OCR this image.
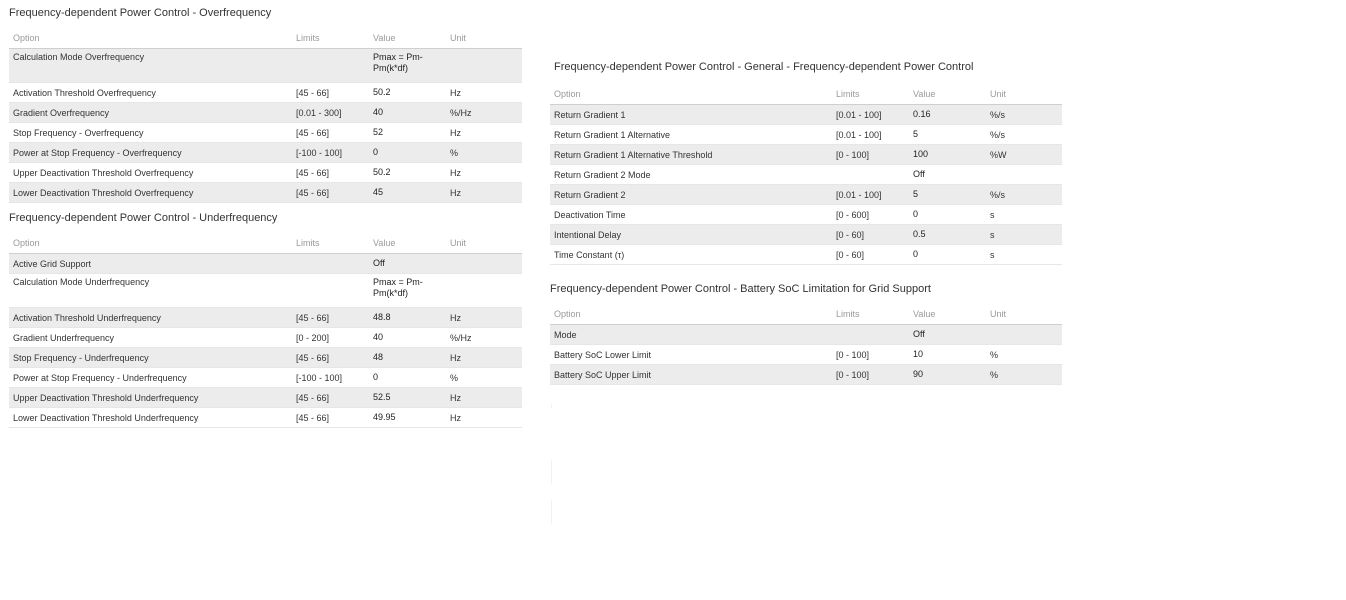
Frequency-dependent Power Control - Overfrequency
Option	Limits	Value	Unit
Calculation Mode Overfrequency		Pmax = Pm-Pm(k*df)	
Activation Threshold Overfrequency	[45 - 66]	50.2	Hz
Gradient Overfrequency	[0.01 - 300]	40	%/Hz
Stop Frequency - Overfrequency	[45 - 66]	52	Hz
Power at Stop Frequency - Overfrequency	[-100 - 100]	0	%
Upper Deactivation Threshold Overfrequency	[45 - 66]	50.2	Hz
Lower Deactivation Threshold Overfrequency	[45 - 66]	45	Hz
Frequency-dependent Power Control - Underfrequency
Option	Limits	Value	Unit
Active Grid Support		Off	
Calculation Mode Underfrequency		Pmax = Pm-Pm(k*df)	
Activation Threshold Underfrequency	[45 - 66]	48.8	Hz
Gradient Underfrequency	[0 - 200]	40	%/Hz
Stop Frequency - Underfrequency	[45 - 66]	48	Hz
Power at Stop Frequency - Underfrequency	[-100 - 100]	0	%
Upper Deactivation Threshold Underfrequency	[45 - 66]	52.5	Hz
Lower Deactivation Threshold Underfrequency	[45 - 66]	49.95	Hz
Frequency-dependent Power Control - General - Frequency-dependent Power Control
Option	Limits	Value	Unit
Return Gradient 1	[0.01 - 100]	0.16	%/s
Return Gradient 1 Alternative	[0.01 - 100]	5	%/s
Return Gradient 1 Alternative Threshold	[0 - 100]	100	%W
Return Gradient 2 Mode		Off	
Return Gradient 2	[0.01 - 100]	5	%/s
Deactivation Time	[0 - 600]	0	s
Intentional Delay	[0 - 60]	0.5	s
Time Constant (τ)	[0 - 60]	0	s
Frequency-dependent Power Control - Battery SoC Limitation for Grid Support
Option	Limits	Value	Unit
Mode		Off	
Battery SoC Lower Limit	[0 - 100]	10	%
Battery SoC Upper Limit	[0 - 100]	90	%
